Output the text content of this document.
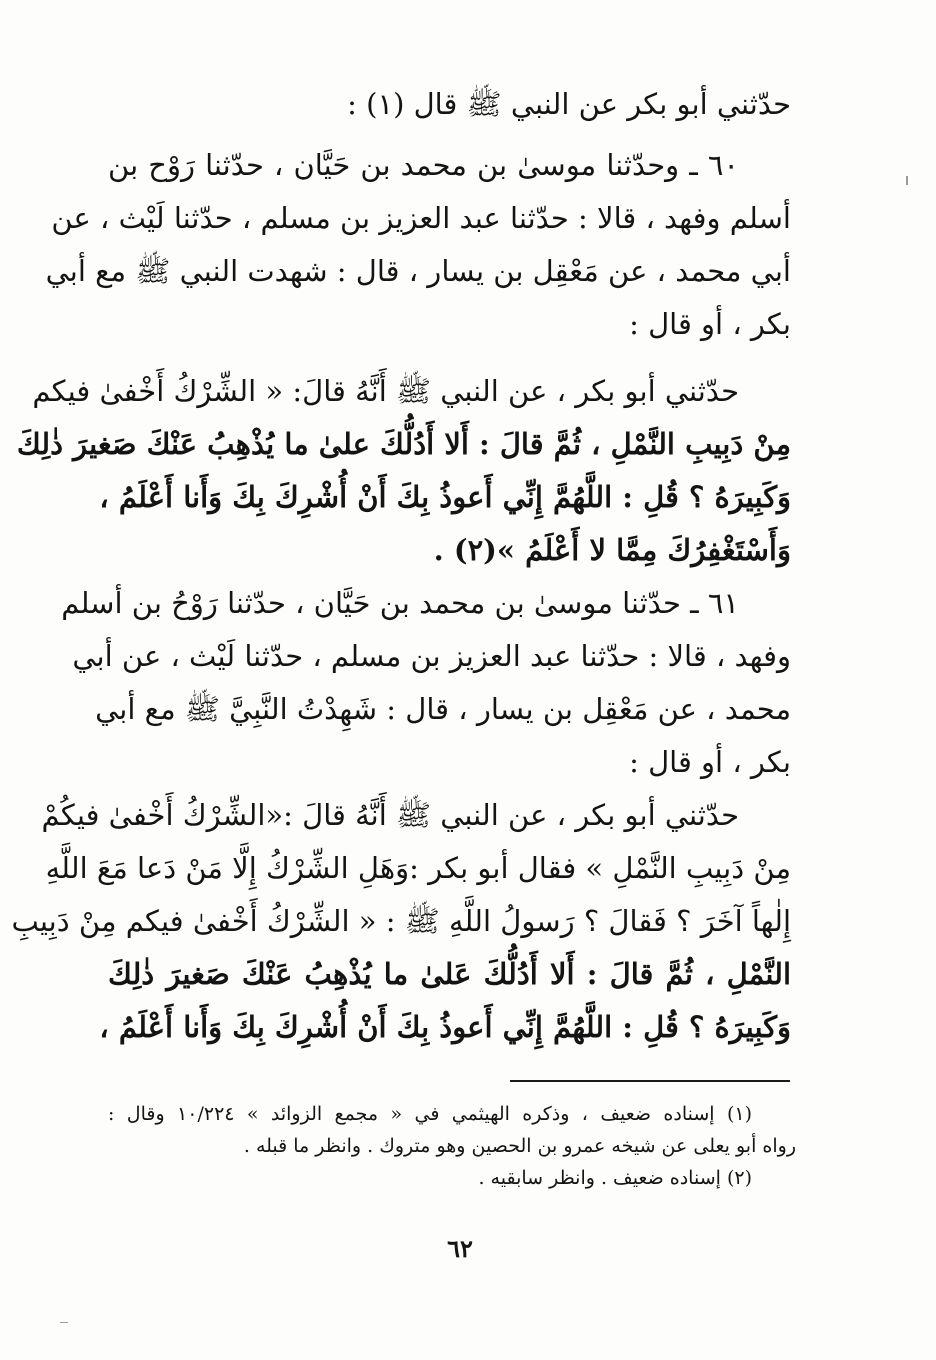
حدّثني أبو بكر عن النبي ﷺ قال (١) :
٦٠ ـ وحدّثنا موسىٰ بن محمد بن حَيَّان ، حدّثنا رَوْح بن
أسلم وفهد ، قالا : حدّثنا عبد العزيز بن مسلم ، حدّثنا لَيْث ، عن
أبي محمد ، عن مَعْقِل بن يسار ، قال : شهدت النبي ﷺ مع أبي
بكر ، أو قال :
حدّثني أبو بكر ، عن النبي ﷺ أَنَّهُ قالَ: « الشِّرْكُ أَخْفىٰ فيكم
مِنْ دَبِيبِ النَّمْلِ ، ثُمَّ قالَ : أَلا أَدُلُّكَ علىٰ ما يُذْهِبُ عَنْكَ صَغيرَ ذٰلِكَ
وَكَبِيرَهُ ؟ قُلِ : اللَّهُمَّ إِنِّي أَعوذُ بِكَ أَنْ أُشْرِكَ بِكَ وَأَنا أَعْلَمُ ،
وَأَسْتَغْفِرُكَ مِمَّا لا أَعْلَمُ »(٢) .
٦١ ـ حدّثنا موسىٰ بن محمد بن حَيَّان ، حدّثنا رَوْحُ بن أسلم
وفهد ، قالا : حدّثنا عبد العزيز بن مسلم ، حدّثنا لَيْث ، عن أبي
محمد ، عن مَعْقِل بن يسار ، قال : شَهِدْتُ النَّبِيَّ ﷺ مع أبي
بكر ، أو قال :
حدّثني أبو بكر ، عن النبي ﷺ أَنَّهُ قالَ :«الشِّرْكُ أَخْفىٰ فيكُمْ
مِنْ دَبِيبِ النَّمْلِ » فقال أبو بكر :وَهَلِ الشِّرْكُ إِلَّا مَنْ دَعا مَعَ اللَّهِ
إِلٰهاً آخَرَ ؟ فَقالَ ؟ رَسولُ اللَّهِ ﷺ : « الشِّرْكُ أَخْفىٰ فيكم مِنْ دَبِيبِ
النَّمْلِ ، ثُمَّ قالَ : أَلا أَدُلُّكَ عَلىٰ ما يُذْهِبُ عَنْكَ صَغيرَ ذٰلِكَ
وَكَبِيرَهُ ؟ قُلِ : اللَّهُمَّ إِنِّي أَعوذُ بِكَ أَنْ أُشْرِكَ بِكَ وَأَنا أَعْلَمُ ،
(١) إسناده ضعيف ، وذكره الهيثمي في « مجمع الزوائد » ١٠/٢٢٤ وقال :
رواه أبو يعلى عن شيخه عمرو بن الحصين وهو متروك . وانظر ما قبله .
(٢) إسناده ضعيف . وانظر سابقيه .
٦٢
